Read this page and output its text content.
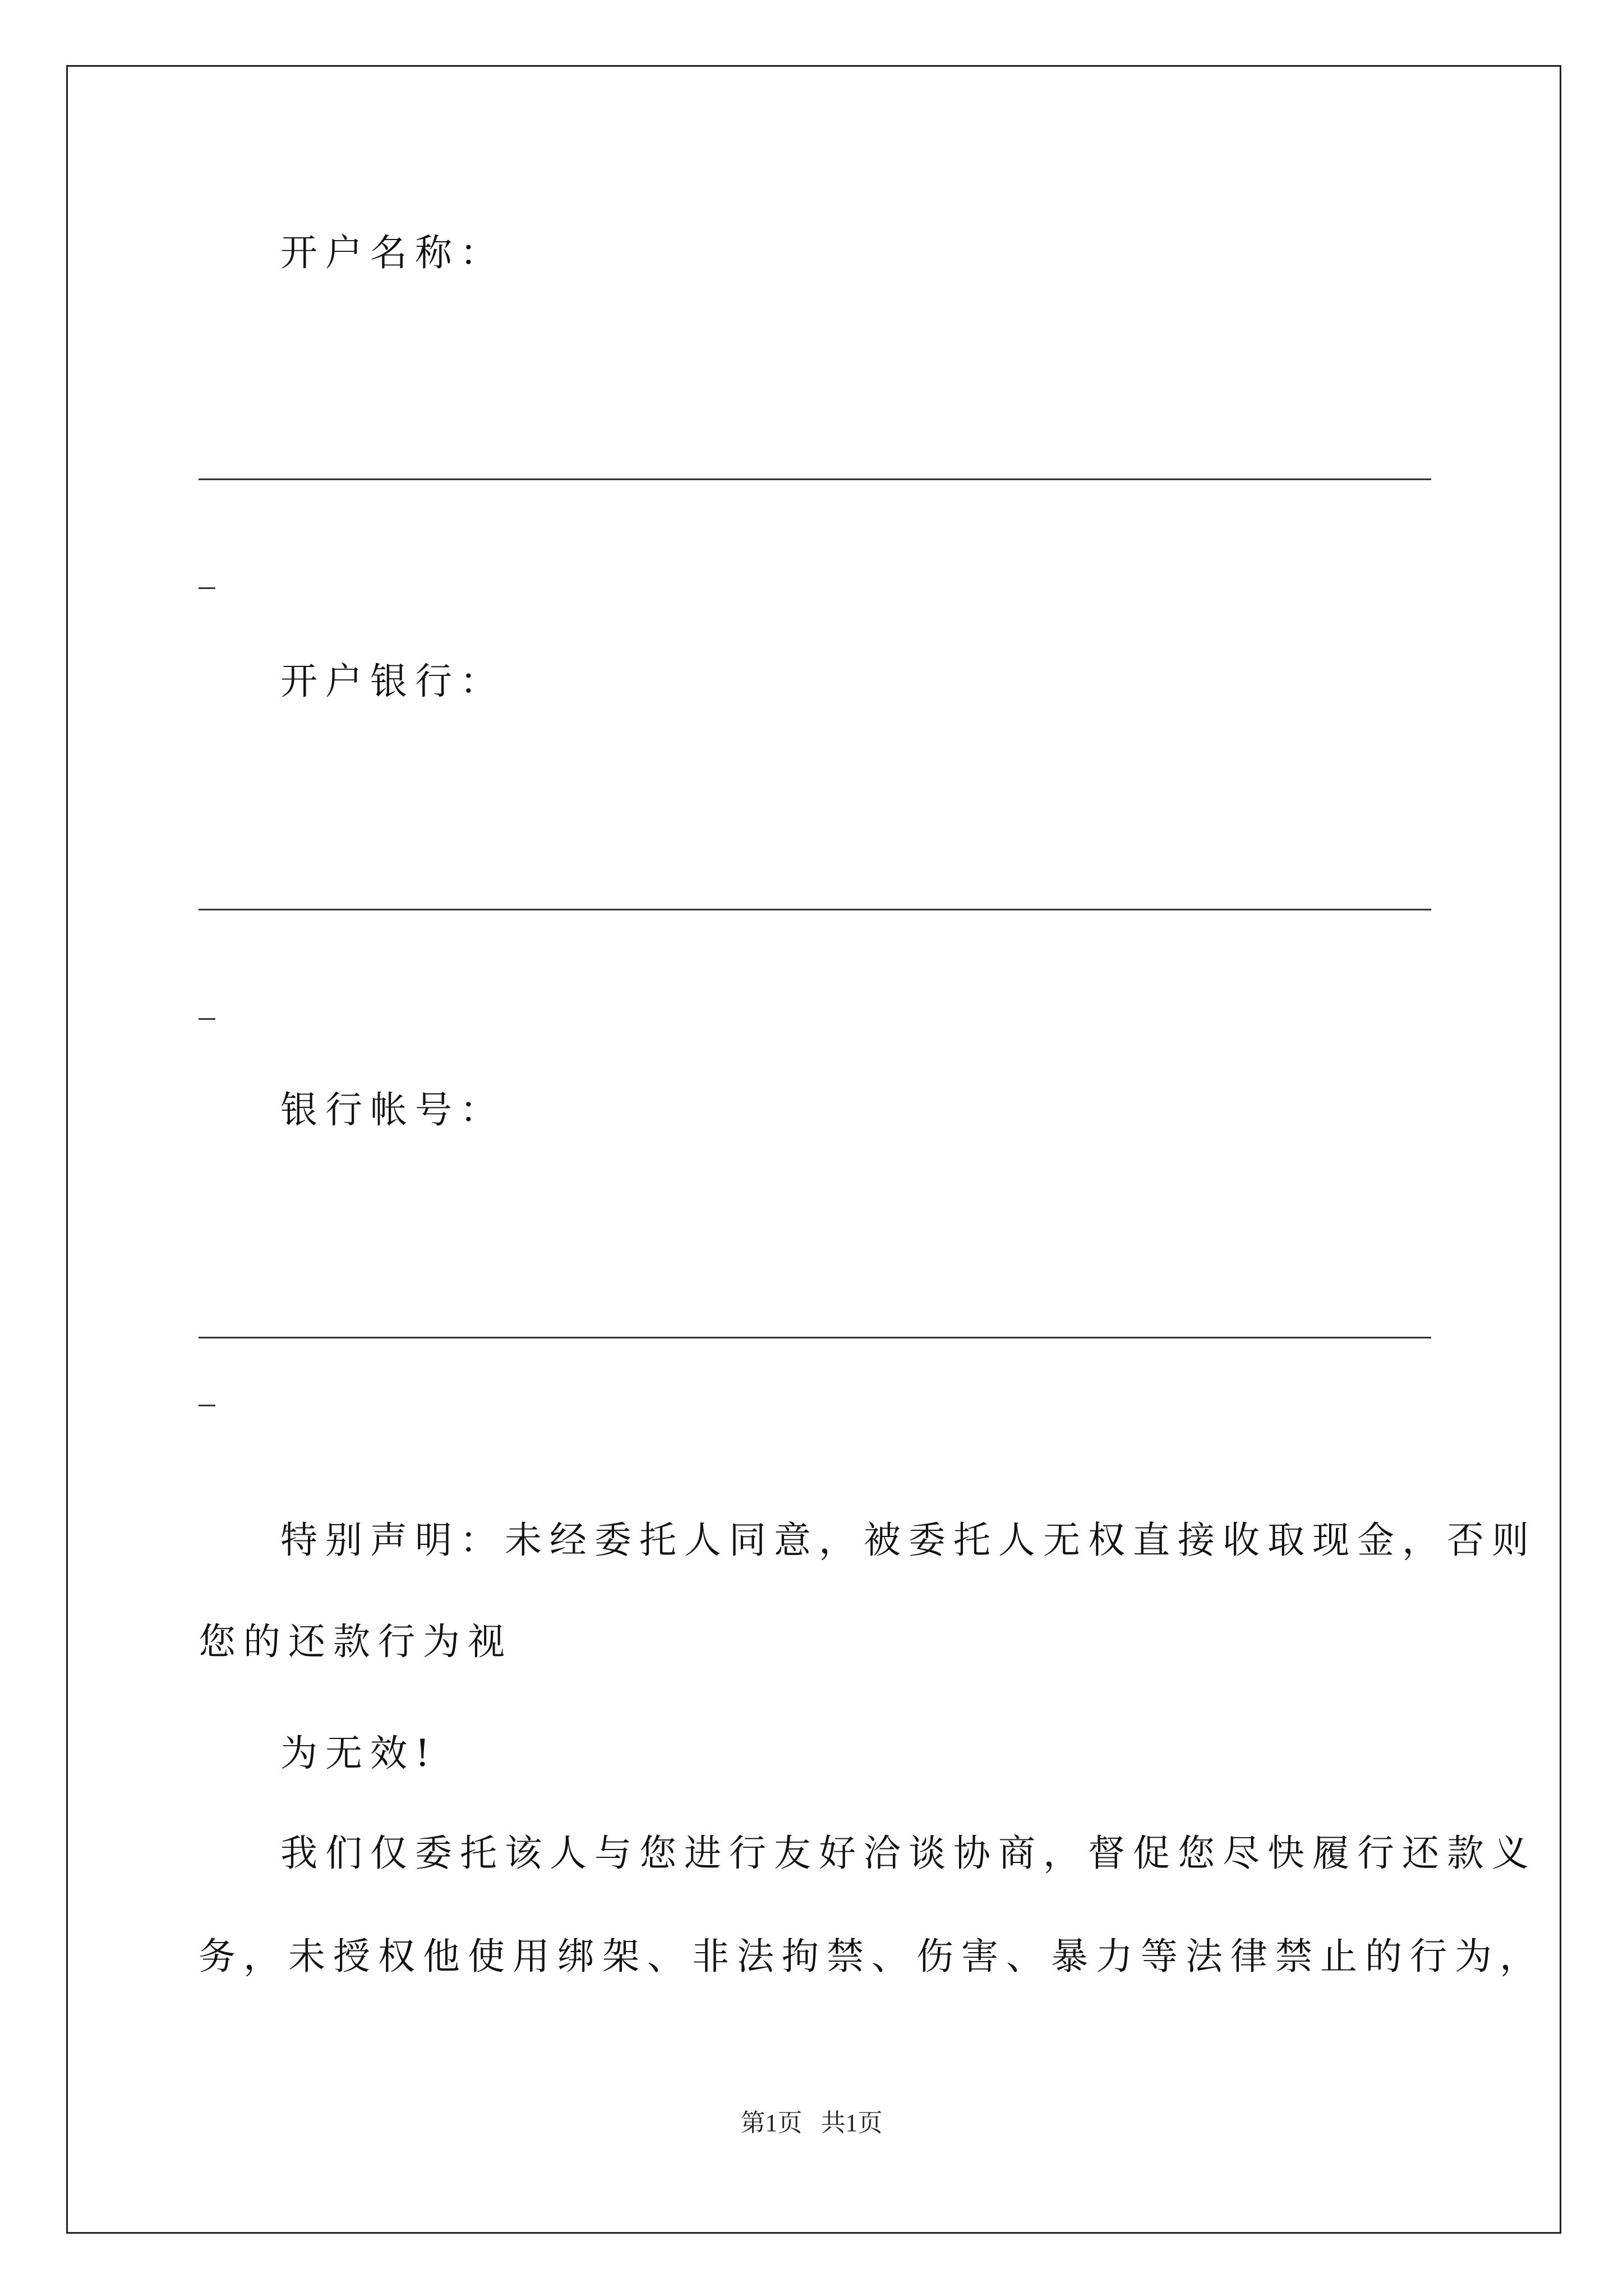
开户名称：
开户银行：
银行帐号：
特别声明：未经委托人同意，被委托人无权直接收取现金，否则
您的还款行为视
为无效!
我们仅委托该人与您进行友好洽谈协商，督促您尽快履行还款义
务，未授权他使用绑架、非法拘禁、伤害、暴力等法律禁止的行为，
第1页   共1页
